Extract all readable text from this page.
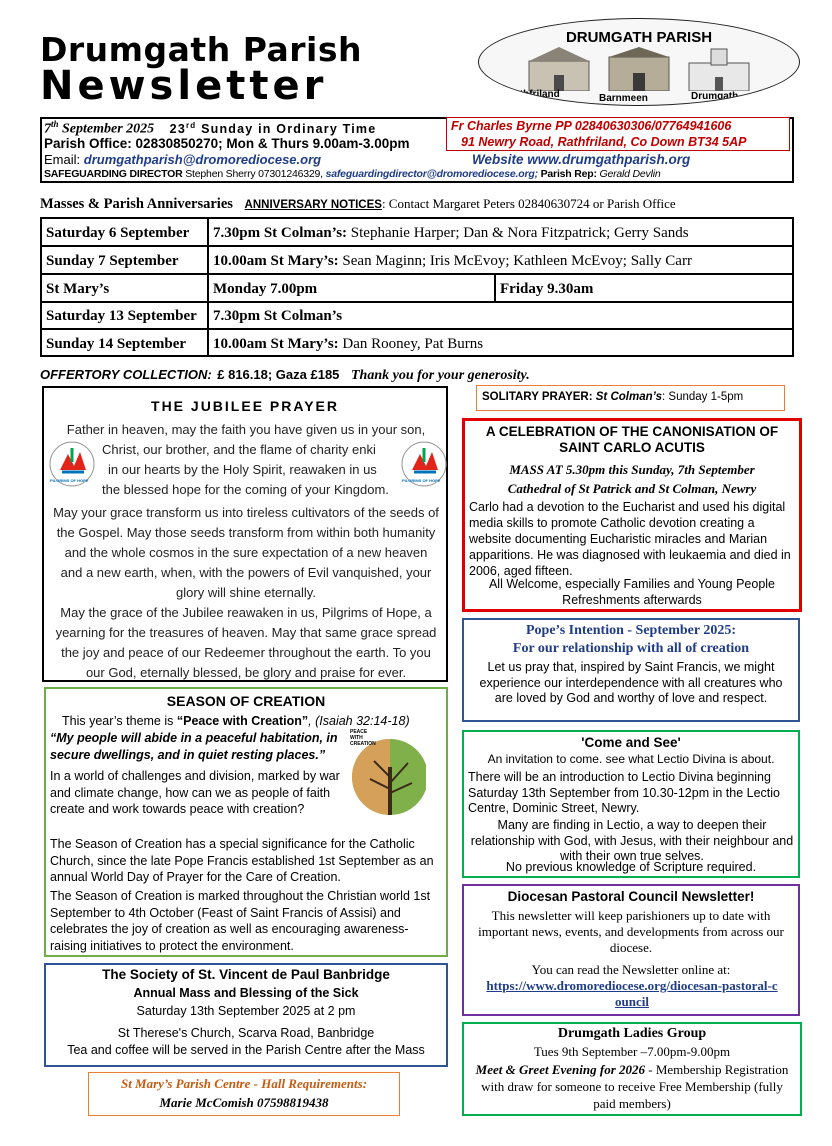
Drumgath Parish
Newsletter
DRUMGATH PARISH
Rathfriland	Barnmeen	Drumgath
7th September 2025 23rd Sunday in Ordinary Time
Parish Office: 02830850270; Mon & Thurs 9.00am-3.00pm
Email: drumgathparish@dromorediocese.org	Website www.drumgathparish.org
SAFEGUARDING DIRECTOR Stephen Sherry 07301246329, safeguardingdirector@dromorediocese.org; Parish Rep: Gerald Devlin
Fr Charles Byrne PP 02840630306/07764941606
91 Newry Road, Rathfriland, Co Down BT34 5AP
Masses & Parish Anniversaries ANNIVERSARY NOTICES: Contact Margaret Peters 02840630724 or Parish Office
Saturday 6 September 7.30pm St Colman’s: Stephanie Harper; Dan & Nora Fitzpatrick; Gerry Sands
Sunday 7 September 10.00am St Mary’s: Sean Maginn; Iris McEvoy; Kathleen McEvoy; Sally Carr
St Mary’s	Monday 7.00pm	Friday 9.30am
Saturday 13 September 7.30pm St Colman’s
Sunday 14 September 10.00am St Mary’s: Dan Rooney, Pat Burns
OFFERTORY COLLECTION: £ 816.18; Gaza £185 Thank you for your generosity.
THE JUBILEE PRAYER
PILGRIMS OF HOPE	PILGRIMS OF HOPE
Father in heaven, may the faith you have given us in your son,
Christ, our brother, and the flame of charity enki
in our hearts by the Holy Spirit, reawaken in us
the blessed hope for the coming of your Kingdom.
May your grace transform us into tireless cultivators of the seeds of the Gospel. May those seeds transform from within both humanity and the whole cosmos in the sure expectation of a new heaven and a new earth, when, with the powers of Evil vanquished, your glory will shine eternally.
May the grace of the Jubilee reawaken in us, Pilgrims of Hope, a yearning for the treasures of heaven. May that same grace spread the joy and peace of our Redeemer throughout the earth. To you our God, eternally blessed, be glory and praise for ever.
SEASON OF CREATION
This year’s theme is “Peace with Creation”, (Isaiah 32:14-18)
“My people will abide in a peaceful habitation, in secure dwellings, and in quiet resting places.”
PEACE WITH CREATION
In a world of challenges and division, marked by war and climate change, how can we as people of faith create and work towards peace with creation?
The Season of Creation has a special significance for the Catholic Church, since the late Pope Francis established 1st September as an annual World Day of Prayer for the Care of Creation.
The Season of Creation is marked throughout the Christian world 1st September to 4th October (Feast of Saint Francis of Assisi) and celebrates the joy of creation as well as encouraging awareness-raising initiatives to protect the environment.
The Society of St. Vincent de Paul Banbridge
Annual Mass and Blessing of the Sick
Saturday 13th September 2025 at 2 pm
St Therese's Church, Scarva Road, Banbridge
Tea and coffee will be served in the Parish Centre after the Mass
St Mary’s Parish Centre - Hall Requirements:
Marie McComish 07598819438
SOLITARY PRAYER: St Colman’s: Sunday 1-5pm
A CELEBRATION OF THE CANONISATION OF SAINT CARLO ACUTIS
MASS AT 5.30pm this Sunday, 7th September
Cathedral of St Patrick and St Colman, Newry
Carlo had a devotion to the Eucharist and used his digital media skills to promote Catholic devotion creating a website documenting Eucharistic miracles and Marian apparitions. He was diagnosed with leukaemia and died in 2006, aged fifteen.
All Welcome, especially Families and Young People
Refreshments afterwards
Pope’s Intention - September 2025:
For our relationship with all of creation
Let us pray that, inspired by Saint Francis, we might experience our interdependence with all creatures who are loved by God and worthy of love and respect.
'Come and See'
An invitation to come. see what Lectio Divina is about.
There will be an introduction to Lectio Divina beginning Saturday 13th September from 10.30-12pm in the Lectio Centre, Dominic Street, Newry.
Many are finding in Lectio, a way to deepen their relationship with God, with Jesus, with their neighbour and with their own true selves.
No previous knowledge of Scripture required.
Diocesan Pastoral Council Newsletter!
This newsletter will keep parishioners up to date with important news, events, and developments from across our diocese.
You can read the Newsletter online at:
https://www.dromorediocese.org/diocesan-pastoral-council
Drumgath Ladies Group
Tues 9th September –7.00pm-9.00pm
Meet & Greet Evening for 2026 - Membership Registration with draw for someone to receive Free Membership (fully paid members)
